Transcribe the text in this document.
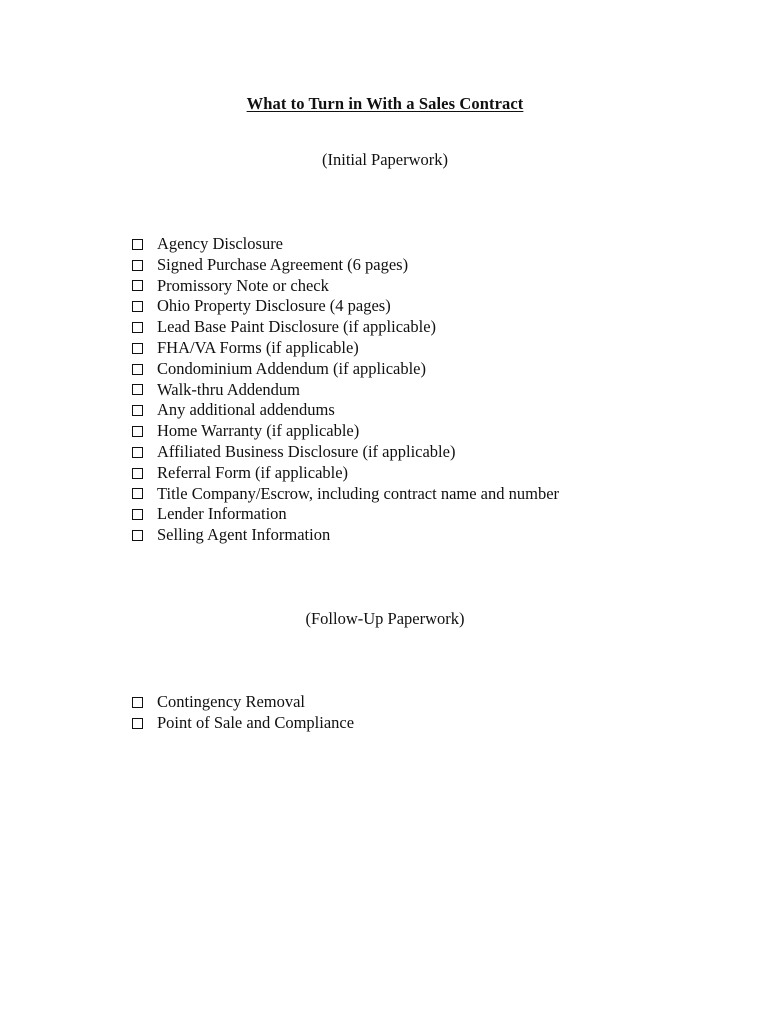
What to Turn in With a Sales Contract
(Initial Paperwork)
Agency Disclosure
Signed Purchase Agreement (6 pages)
Promissory Note or check
Ohio Property Disclosure (4 pages)
Lead Base Paint Disclosure (if applicable)
FHA/VA Forms (if applicable)
Condominium Addendum (if applicable)
Walk-thru Addendum
Any additional addendums
Home Warranty (if applicable)
Affiliated Business Disclosure (if applicable)
Referral Form (if applicable)
Title Company/Escrow, including contract name and number
Lender Information
Selling Agent Information
(Follow-Up Paperwork)
Contingency Removal
Point of Sale and Compliance
